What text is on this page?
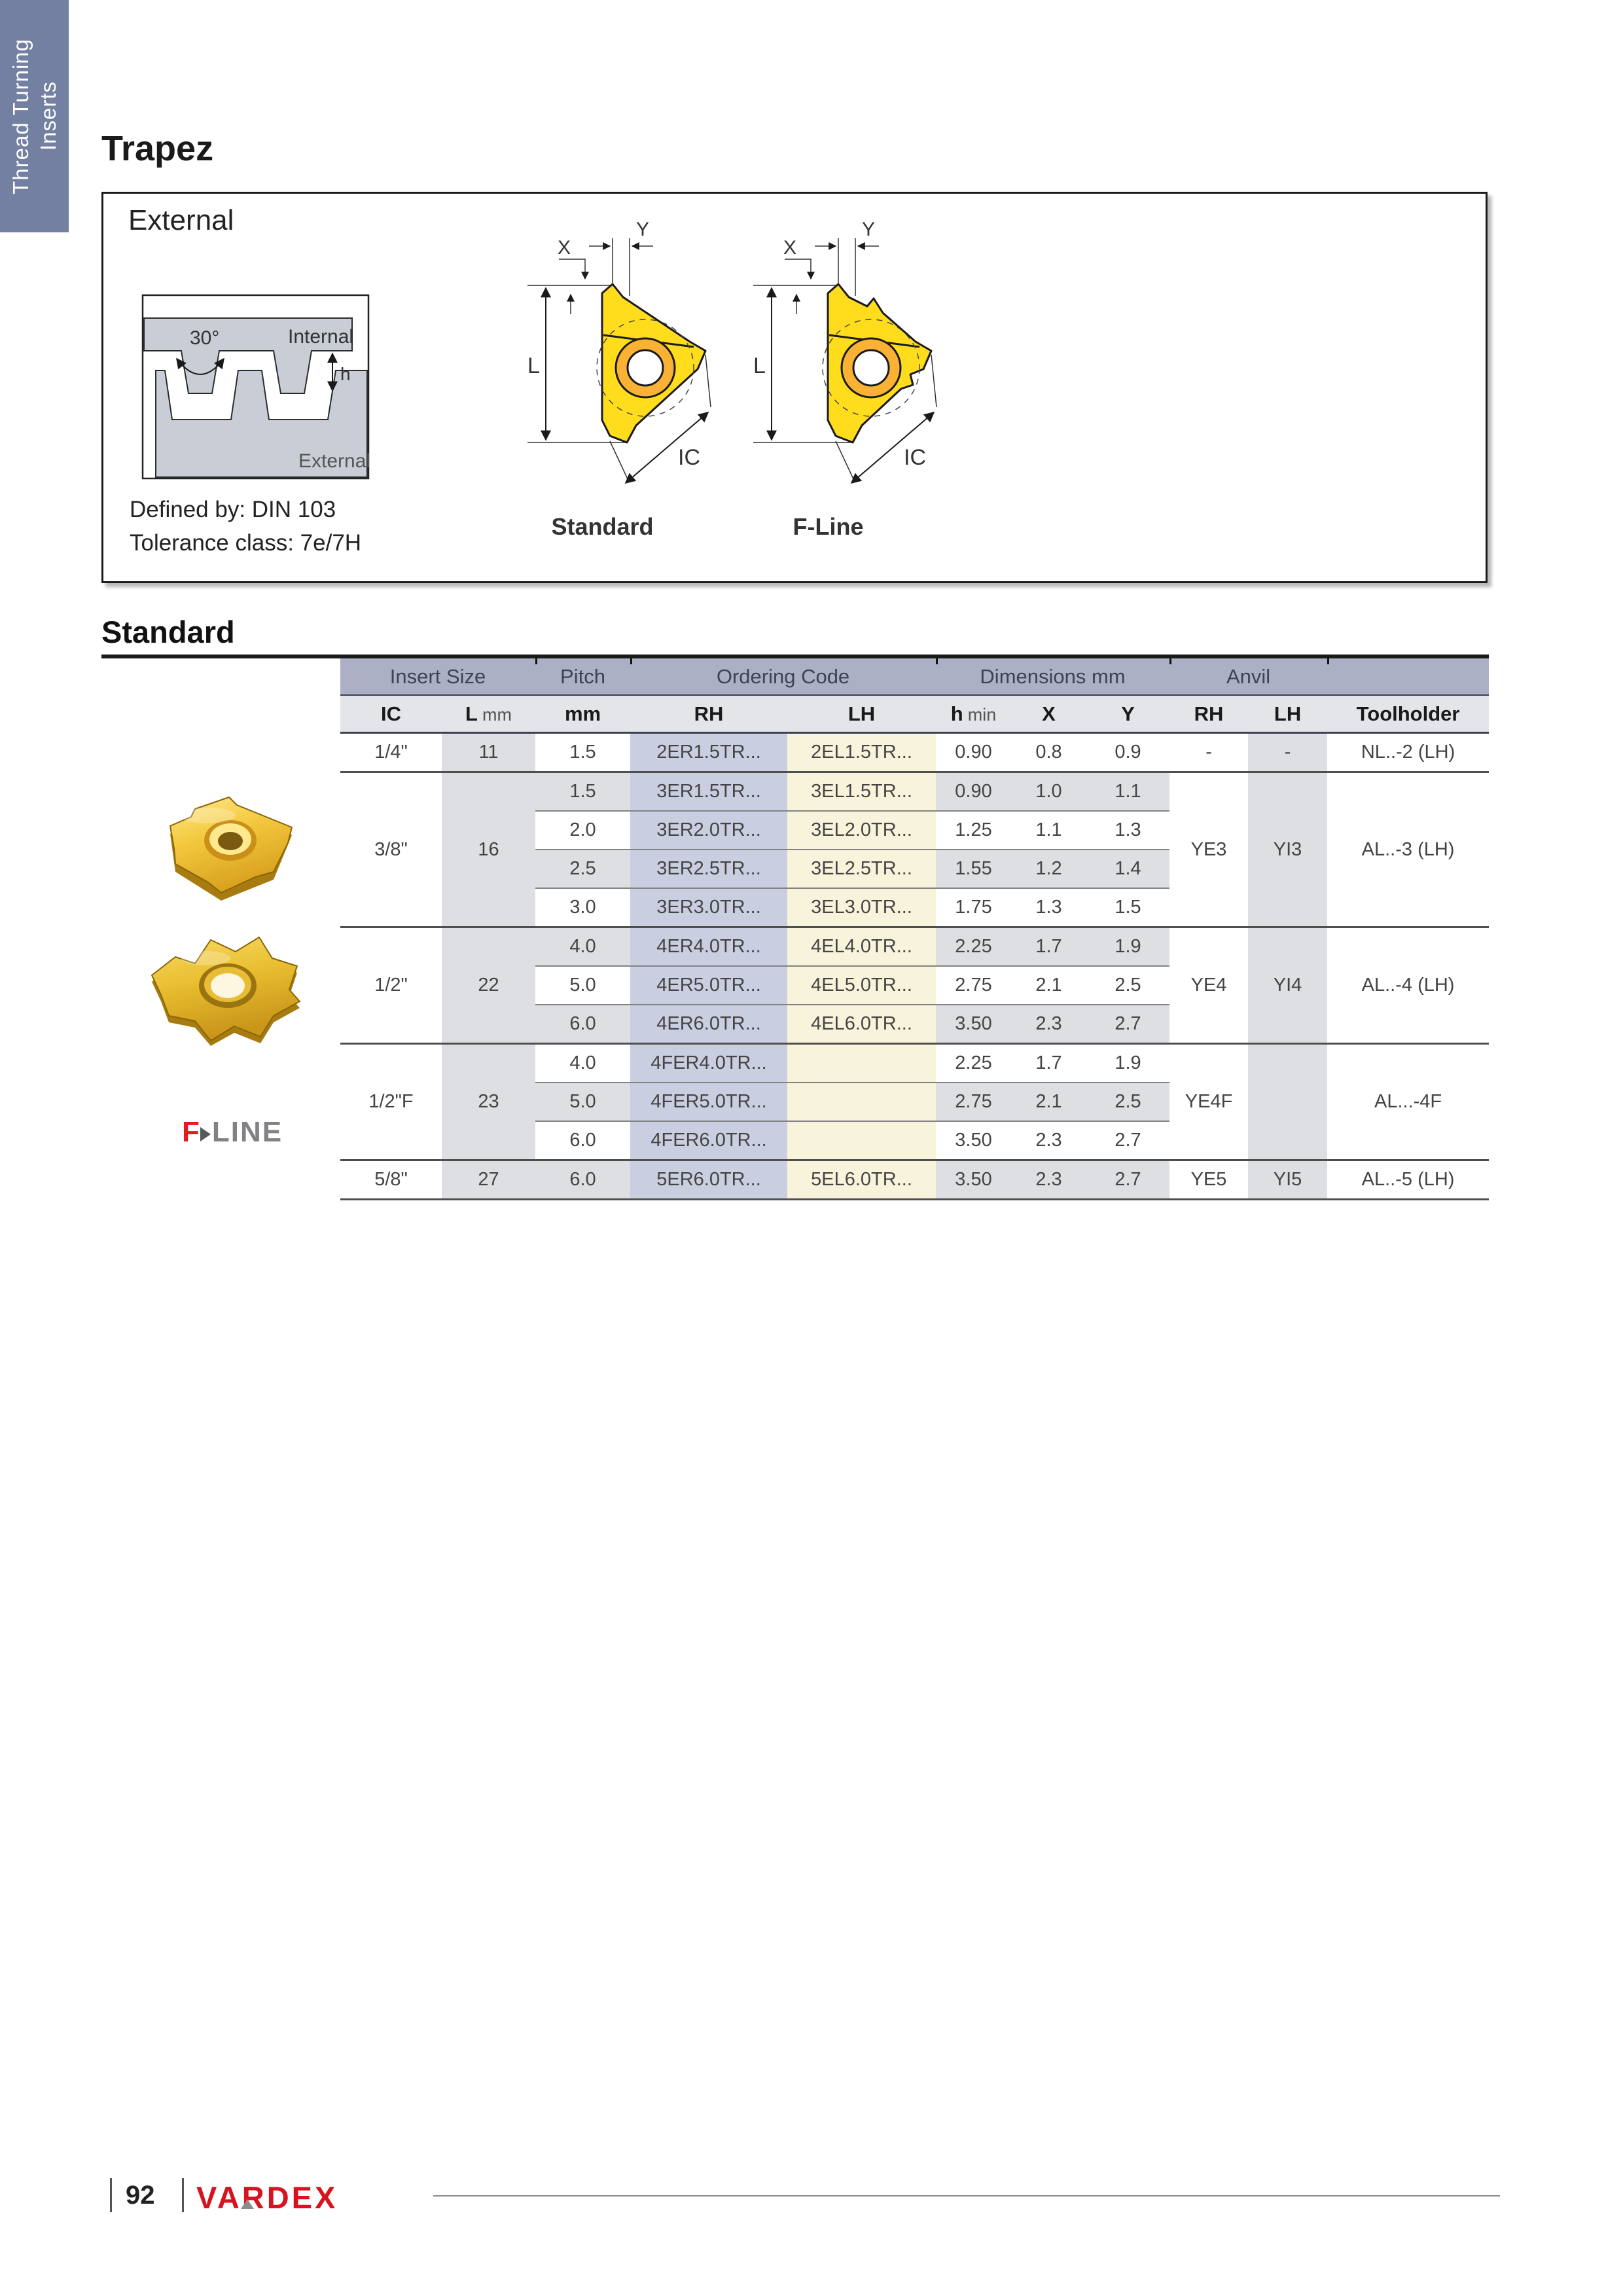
Thread Turning Inserts Trapez
External
30°	Internal
h
External
Defined by: DIN 103
Tolerance class: 7e/7H
L
X
Y
IC
L
X
Y
IC
Standard	F-Line
Standard
F LINE
Insert Size		Pitch	Ordering Code		Dimensions mm			Anvil		
IC	L mm	mm	RH	LH	h min	X	Y	RH	LH	Toolholder
1/4"	11	1.5	2ER1.5TR...	2EL1.5TR...	0.90	0.8	0.9	-	-	NL..-2 (LH)
3/8"	16	1.5	3ER1.5TR...	3EL1.5TR...	0.90	1.0	1.1	YE3	YI3	AL..-3 (LH)
		2.0	3ER2.0TR...	3EL2.0TR...	1.25	1.1	1.3			
		2.5	3ER2.5TR...	3EL2.5TR...	1.55	1.2	1.4			
		3.0	3ER3.0TR...	3EL3.0TR...	1.75	1.3	1.5			
1/2"	22	4.0	4ER4.0TR...	4EL4.0TR...	2.25	1.7	1.9	YE4	YI4	AL..-4 (LH)
		5.0	4ER5.0TR...	4EL5.0TR...	2.75	2.1	2.5			
		6.0	4ER6.0TR...	4EL6.0TR...	3.50	2.3	2.7			
1/2"F	23	4.0	4FER4.0TR...		2.25	1.7	1.9	YE4F		AL...-4F
		5.0	4FER5.0TR...		2.75	2.1	2.5			
		6.0	4FER6.0TR...		3.50	2.3	2.7			
5/8"	27	6.0	5ER6.0TR...	5EL6.0TR...	3.50	2.3	2.7	YE5	YI5	AL..-5 (LH)
92 VARDEX
